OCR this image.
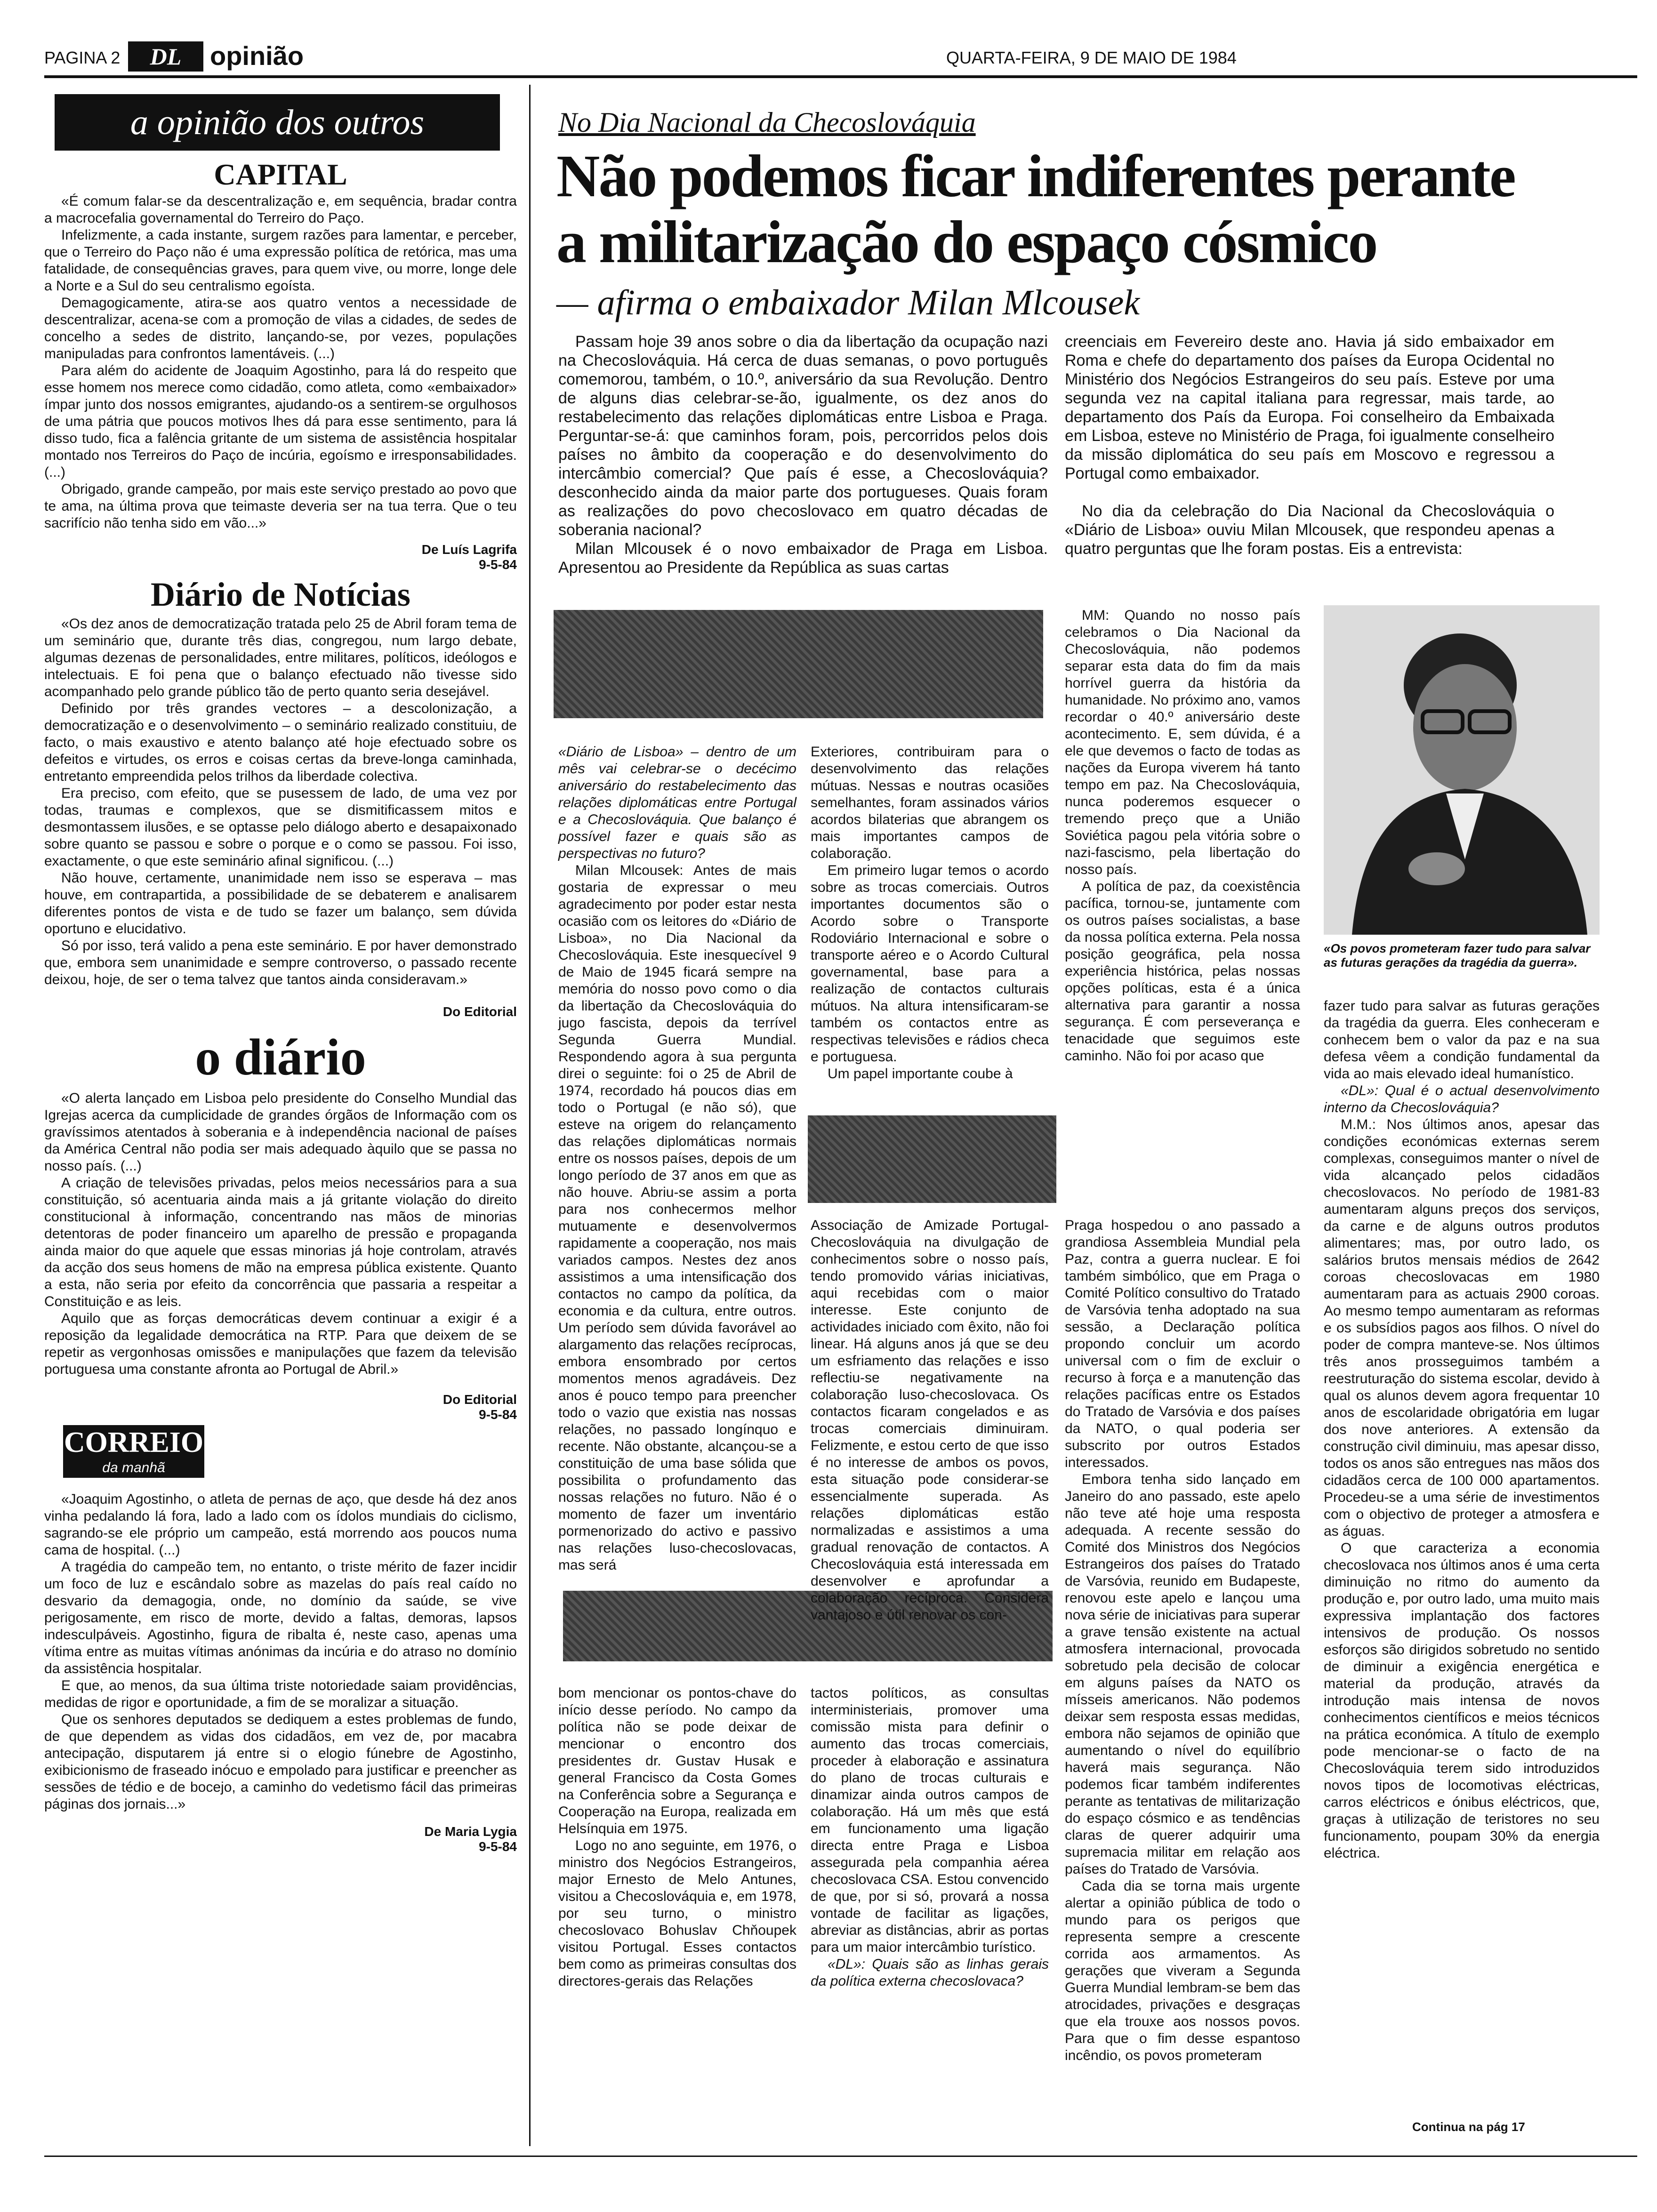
PAGINA 2	DL	opinião	QUARTA-FEIRA, 9 DE MAIO DE 1984
a opinião dos outros
CAPITAL

«É comum falar-se da descentralização e, em sequência, bradar contra a macrocefalia governamental do Terreiro do Paço.

Infelizmente, a cada instante, surgem razões para lamentar, e perceber, que o Terreiro do Paço não é uma expressão política de retórica, mas uma fatalidade, de consequências graves, para quem vive, ou morre, longe dele a Norte e a Sul do seu centralismo egoísta.

Demagogicamente, atira-se aos quatro ventos a necessidade de descentralizar, acena-se com a promoção de vilas a cidades, de sedes de concelho a sedes de distrito, lançando-se, por vezes, populações manipuladas para confrontos lamentáveis. (...)

Para além do acidente de Joaquim Agostinho, para lá do respeito que esse homem nos merece como cidadão, como atleta, como «embaixador» ímpar junto dos nossos emigrantes, ajudando-os a sentirem-se orgulhosos de uma pátria que poucos motivos lhes dá para esse sentimento, para lá disso tudo, fica a falência gritante de um sistema de assistência hospitalar montado nos Terreiros do Paço de incúria, egoísmo e irresponsabilidades. (...)

Obrigado, grande campeão, por mais este serviço prestado ao povo que te ama, na última prova que teimaste deveria ser na tua terra. Que o teu sacrifício não tenha sido em vão...»

De Luís Lagrifa
9-5-84
Diário de Notícias

«Os dez anos de democratização tratada pelo 25 de Abril foram tema de um seminário que, durante três dias, congregou, num largo debate, algumas dezenas de personalidades, entre militares, políticos, ideólogos e intelectuais. E foi pena que o balanço efectuado não tivesse sido acompanhado pelo grande público tão de perto quanto seria desejável.

Definido por três grandes vectores – a descolonização, a democratização e o desenvolvimento – o seminário realizado constituiu, de facto, o mais exaustivo e atento balanço até hoje efectuado sobre os defeitos e virtudes, os erros e coisas certas da breve-longa caminhada, entretanto empreendida pelos trilhos da liberdade colectiva.

Era preciso, com efeito, que se pusessem de lado, de uma vez por todas, traumas e complexos, que se dismitificassem mitos e desmontassem ilusões, e se optasse pelo diálogo aberto e desapaixonado sobre quanto se passou e sobre o porque e o como se passou. Foi isso, exactamente, o que este seminário afinal significou. (...)

Não houve, certamente, unanimidade nem isso se esperava – mas houve, em contrapartida, a possibilidade de se debaterem e analisarem diferentes pontos de vista e de tudo se fazer um balanço, sem dúvida oportuno e elucidativo.

Só por isso, terá valido a pena este seminário. E por haver demonstrado que, embora sem unanimidade e sempre controverso, o passado recente deixou, hoje, de ser o tema talvez que tantos ainda consideravam.»

Do Editorial
o diário

«O alerta lançado em Lisboa pelo presidente do Conselho Mundial das Igrejas acerca da cumplicidade de grandes órgãos de Informação com os gravíssimos atentados à soberania e à independência nacional de países da América Central não podia ser mais adequado àquilo que se passa no nosso país. (...)

A criação de televisões privadas, pelos meios necessários para a sua constituição, só acentuaria ainda mais a já gritante violação do direito constitucional à informação, concentrando nas mãos de minorias detentoras de poder financeiro um aparelho de pressão e propaganda ainda maior do que aquele que essas minorias já hoje controlam, através da acção dos seus homens de mão na empresa pública existente. Quanto a esta, não seria por efeito da concorrência que passaria a respeitar a Constituição e as leis.

Aquilo que as forças democráticas devem continuar a exigir é a reposição da legalidade democrática na RTP. Para que deixem de se repetir as vergonhosas omissões e manipulações que fazem da televisão portuguesa uma constante afronta ao Portugal de Abril.»

Do Editorial
9-5-84
CORREIO
da manhã

«Joaquim Agostinho, o atleta de pernas de aço, que desde há dez anos vinha pedalando lá fora, lado a lado com os ídolos mundiais do ciclismo, sagrando-se ele próprio um campeão, está morrendo aos poucos numa cama de hospital. (...)

A tragédia do campeão tem, no entanto, o triste mérito de fazer incidir um foco de luz e escândalo sobre as mazelas do país real caído no desvario da demagogia, onde, no domínio da saúde, se vive perigosamente, em risco de morte, devido a faltas, demoras, lapsos indesculpáveis. Agostinho, figura de ribalta é, neste caso, apenas uma vítima entre as muitas vítimas anónimas da incúria e do atraso no domínio da assistência hospitalar.

E que, ao menos, da sua última triste notoriedade saiam providências, medidas de rigor e oportunidade, a fim de se moralizar a situação.

Que os senhores deputados se dediquem a estes problemas de fundo, de que dependem as vidas dos cidadãos, em vez de, por macabra antecipação, disputarem já entre si o elogio fúnebre de Agostinho, exibicionismo de fraseado inócuo e empolado para justificar e preencher as sessões de tédio e de bocejo, a caminho do vedetismo fácil das primeiras páginas dos jornais...»

De Maria Lygia
9-5-84
No Dia Nacional da Checoslováquia
Não podemos ficar indiferentes perante
a militarização do espaço cósmico
— afirma o embaixador Milan Mlcousek

Passam hoje 39 anos sobre o dia da libertação da ocupação nazi na Checoslováquia. Há cerca de duas semanas, o povo português comemorou, também, o 10.º, aniversário da sua Revolução. Dentro de alguns dias celebrar-se-ão, igualmente, os dez anos do restabelecimento das relações diplomáticas entre Lisboa e Praga. Perguntar-se-á: que caminhos foram, pois, percorridos pelos dois países no âmbito da cooperação e do desenvolvimento do intercâmbio comercial? Que país é esse, a Checoslováquia? desconhecido ainda da maior parte dos portugueses. Quais foram as realizações do povo checoslovaco em quatro décadas de soberania nacional?

Milan Mlcousek é o novo embaixador de Praga em Lisboa. Apresentou ao Presidente da República as suas cartas

creenciais em Fevereiro deste ano. Havia já sido embaixador em Roma e chefe do departamento dos países da Europa Ocidental no Ministério dos Negócios Estrangeiros do seu país. Esteve por uma segunda vez na capital italiana para regressar, mais tarde, ao departamento dos País da Europa. Foi conselheiro da Embaixada em Lisboa, esteve no Ministério de Praga, foi igualmente conselheiro da missão diplomática do seu país em Moscovo e regressou a Portugal como embaixador.

No dia da celebração do Dia Nacional da Checoslováquia o «Diário de Lisboa» ouviu Milan Mlcousek, que respondeu apenas a quatro perguntas que lhe foram postas. Eis a entrevista:

«Diário de Lisboa» – dentro de um mês vai celebrar-se o decécimo aniversário do restabelecimento das relações diplomáticas entre Portugal e a Checoslováquia. Que balanço é possível fazer e quais são as perspectivas no futuro?

Milan Mlcousek: Antes de mais gostaria de expressar o meu agradecimento por poder estar nesta ocasião com os leitores do «Diário de Lisboa», no Dia Nacional da Checoslováquia. Este inesquecível 9 de Maio de 1945 ficará sempre na memória do nosso povo como o dia da libertação da Checoslováquia do jugo fascista, depois da terrível Segunda Guerra Mundial. Respondendo agora à sua pergunta direi o seguinte: foi o 25 de Abril de 1974, recordado há poucos dias em todo o Portugal (e não só), que esteve na origem do relançamento das relações diplomáticas normais entre os nossos países, depois de um longo período de 37 anos em que as não houve. Abriu-se assim a porta para nos conhecermos melhor mutuamente e desenvolvermos rapidamente a cooperação, nos mais variados campos. Nestes dez anos assistimos a uma intensificação dos contactos no campo da política, da economia e da cultura, entre outros. Um período sem dúvida favorável ao alargamento das relações recíprocas, embora ensombrado por certos momentos menos agradáveis. Dez anos é pouco tempo para preencher todo o vazio que existia nas nossas relações, no passado longínquo e recente. Não obstante, alcançou-se a constituição de uma base sólida que possibilita o profundamento das nossas relações no futuro. Não é o momento de fazer um inventário pormenorizado do activo e passivo nas relações luso-checoslovacas, mas será

bom mencionar os pontos-chave do início desse período. No campo da política não se pode deixar de mencionar o encontro dos presidentes dr. Gustav Husak e general Francisco da Costa Gomes na Conferência sobre a Segurança e Cooperação na Europa, realizada em Helsínquia em 1975.

Logo no ano seguinte, em 1976, o ministro dos Negócios Estrangeiros, major Ernesto de Melo Antunes, visitou a Checoslováquia e, em 1978, por seu turno, o ministro checoslovaco Bohuslav Chňoupek visitou Portugal. Esses contactos bem como as primeiras consultas dos directores-gerais das Relações

Exteriores, contribuiram para o desenvolvimento das relações mútuas. Nessas e noutras ocasiões semelhantes, foram assinados vários acordos bilaterias que abrangem os mais importantes campos de colaboração.

Em primeiro lugar temos o acordo sobre as trocas comerciais. Outros importantes documentos são o Acordo sobre o Transporte Rodoviário Internacional e sobre o transporte aéreo e o Acordo Cultural governamental, base para a realização de contactos culturais mútuos. Na altura intensificaram-se também os contactos entre as respectivas televisões e rádios checa e portuguesa.

Um papel importante coube à

Associação de Amizade Portugal-Checoslováquia na divulgação de conhecimentos sobre o nosso país, tendo promovido várias iniciativas, aqui recebidas com o maior interesse. Este conjunto de actividades iniciado com êxito, não foi linear. Há alguns anos já que se deu um esfriamento das relações e isso reflectiu-se negativamente na colaboração luso-checoslovaca. Os contactos ficaram congelados e as trocas comerciais diminuiram. Felizmente, e estou certo de que isso é no interesse de ambos os povos, esta situação pode considerar-se essencialmente superada. As relações diplomáticas estão normalizadas e assistimos a uma gradual renovação de contactos. A Checoslováquia está interessada em desenvolver e aprofundar a colaboração recíproca. Considera vantajoso e útil renovar os con-

tactos políticos, as consultas interministeriais, promover uma comissão mista para definir o aumento das trocas comerciais, proceder à elaboração e assinatura do plano de trocas culturais e dinamizar ainda outros campos de colaboração. Há um mês que está em funcionamento uma ligação directa entre Praga e Lisboa assegurada pela companhia aérea checoslovaca CSA. Estou convencido de que, por si só, provará a nossa vontade de facilitar as ligações, abreviar as distâncias, abrir as portas para um maior intercâmbio turístico.

«DL»: Quais são as linhas gerais da política externa checoslovaca?

MM: Quando no nosso país celebramos o Dia Nacional da Checoslováquia, não podemos separar esta data do fim da mais horrível guerra da história da humanidade. No próximo ano, vamos recordar o 40.º aniversário deste acontecimento. E, sem dúvida, é a ele que devemos o facto de todas as nações da Europa viverem há tanto tempo em paz. Na Checoslováquia, nunca poderemos esquecer o tremendo preço que a União Soviética pagou pela vitória sobre o nazi-fascismo, pela libertação do nosso país.

A política de paz, da coexistência pacífica, tornou-se, juntamente com os outros países socialistas, a base da nossa política externa. Pela nossa posição geográfica, pela nossa experiência histórica, pelas nossas opções políticas, esta é a única alternativa para garantir a nossa segurança. É com perseverança e tenacidade que seguimos este caminho. Não foi por acaso que

Praga hospedou o ano passado a grandiosa Assembleia Mundial pela Paz, contra a guerra nuclear. E foi também simbólico, que em Praga o Comité Político consultivo do Tratado de Varsóvia tenha adoptado na sua sessão, a Declaração política propondo concluir um acordo universal com o fim de excluir o recurso à força e a manutenção das relações pacíficas entre os Estados do Tratado de Varsóvia e dos países da NATO, o qual poderia ser subscrito por outros Estados interessados.

Embora tenha sido lançado em Janeiro do ano passado, este apelo não teve até hoje uma resposta adequada. A recente sessão do Comité dos Ministros dos Negócios Estrangeiros dos países do Tratado de Varsóvia, reunido em Budapeste, renovou este apelo e lançou uma nova série de iniciativas para superar a grave tensão existente na actual atmosfera internacional, provocada sobretudo pela decisão de colocar em alguns países da NATO os mísseis americanos. Não podemos deixar sem resposta essas medidas, embora não sejamos de opinião que aumentando o nível do equilíbrio haverá mais segurança. Não podemos ficar também indiferentes perante as tentativas de militarização do espaço cósmico e as tendências claras de querer adquirir uma supremacia militar em relação aos países do Tratado de Varsóvia.

Cada dia se torna mais urgente alertar a opinião pública de todo o mundo para os perigos que representa sempre a crescente corrida aos armamentos. As gerações que viveram a Segunda Guerra Mundial lembram-se bem das atrocidades, privações e desgraças que ela trouxe aos nossos povos. Para que o fim desse espantoso incêndio, os povos prometeram

«Os povos prometeram fazer tudo para salvar as futuras gerações da tragédia da guerra».

fazer tudo para salvar as futuras gerações da tragédia da guerra. Eles conheceram e conhecem bem o valor da paz e na sua defesa vêem a condição fundamental da vida ao mais elevado ideal humanístico.

«DL»: Qual é o actual desenvolvimento interno da Checoslováquia?

M.M.: Nos últimos anos, apesar das condições económicas externas serem complexas, conseguimos manter o nível de vida alcançado pelos cidadãos checoslovacos. No período de 1981-83 aumentaram alguns preços dos serviços, da carne e de alguns outros produtos alimentares; mas, por outro lado, os salários brutos mensais médios de 2642 coroas checoslovacas em 1980 aumentaram para as actuais 2900 coroas. Ao mesmo tempo aumentaram as reformas e os subsídios pagos aos filhos. O nível do poder de compra manteve-se. Nos últimos três anos prosseguimos também a reestruturação do sistema escolar, devido à qual os alunos devem agora frequentar 10 anos de escolaridade obrigatória em lugar dos nove anteriores. A extensão da construção civil diminuiu, mas apesar disso, todos os anos são entregues nas mãos dos cidadãos cerca de 100 000 apartamentos. Procedeu-se a uma série de investimentos com o objectivo de proteger a atmosfera e as águas.

O que caracteriza a economia checoslovaca nos últimos anos é uma certa diminuição no ritmo do aumento da produção e, por outro lado, uma muito mais expressiva implantação dos factores intensivos de produção. Os nossos esforços são dirigidos sobretudo no sentido de diminuir a exigência energética e material da produção, através da introdução mais intensa de novos conhecimentos científicos e meios técnicos na prática económica. A título de exemplo pode mencionar-se o facto de na Checoslováquia terem sido introduzidos novos tipos de locomotivas eléctricas, carros eléctricos e ónibus eléctricos, que, graças à utilização de teristores no seu funcionamento, poupam 30% da energia eléctrica.

Continua na pág 17
